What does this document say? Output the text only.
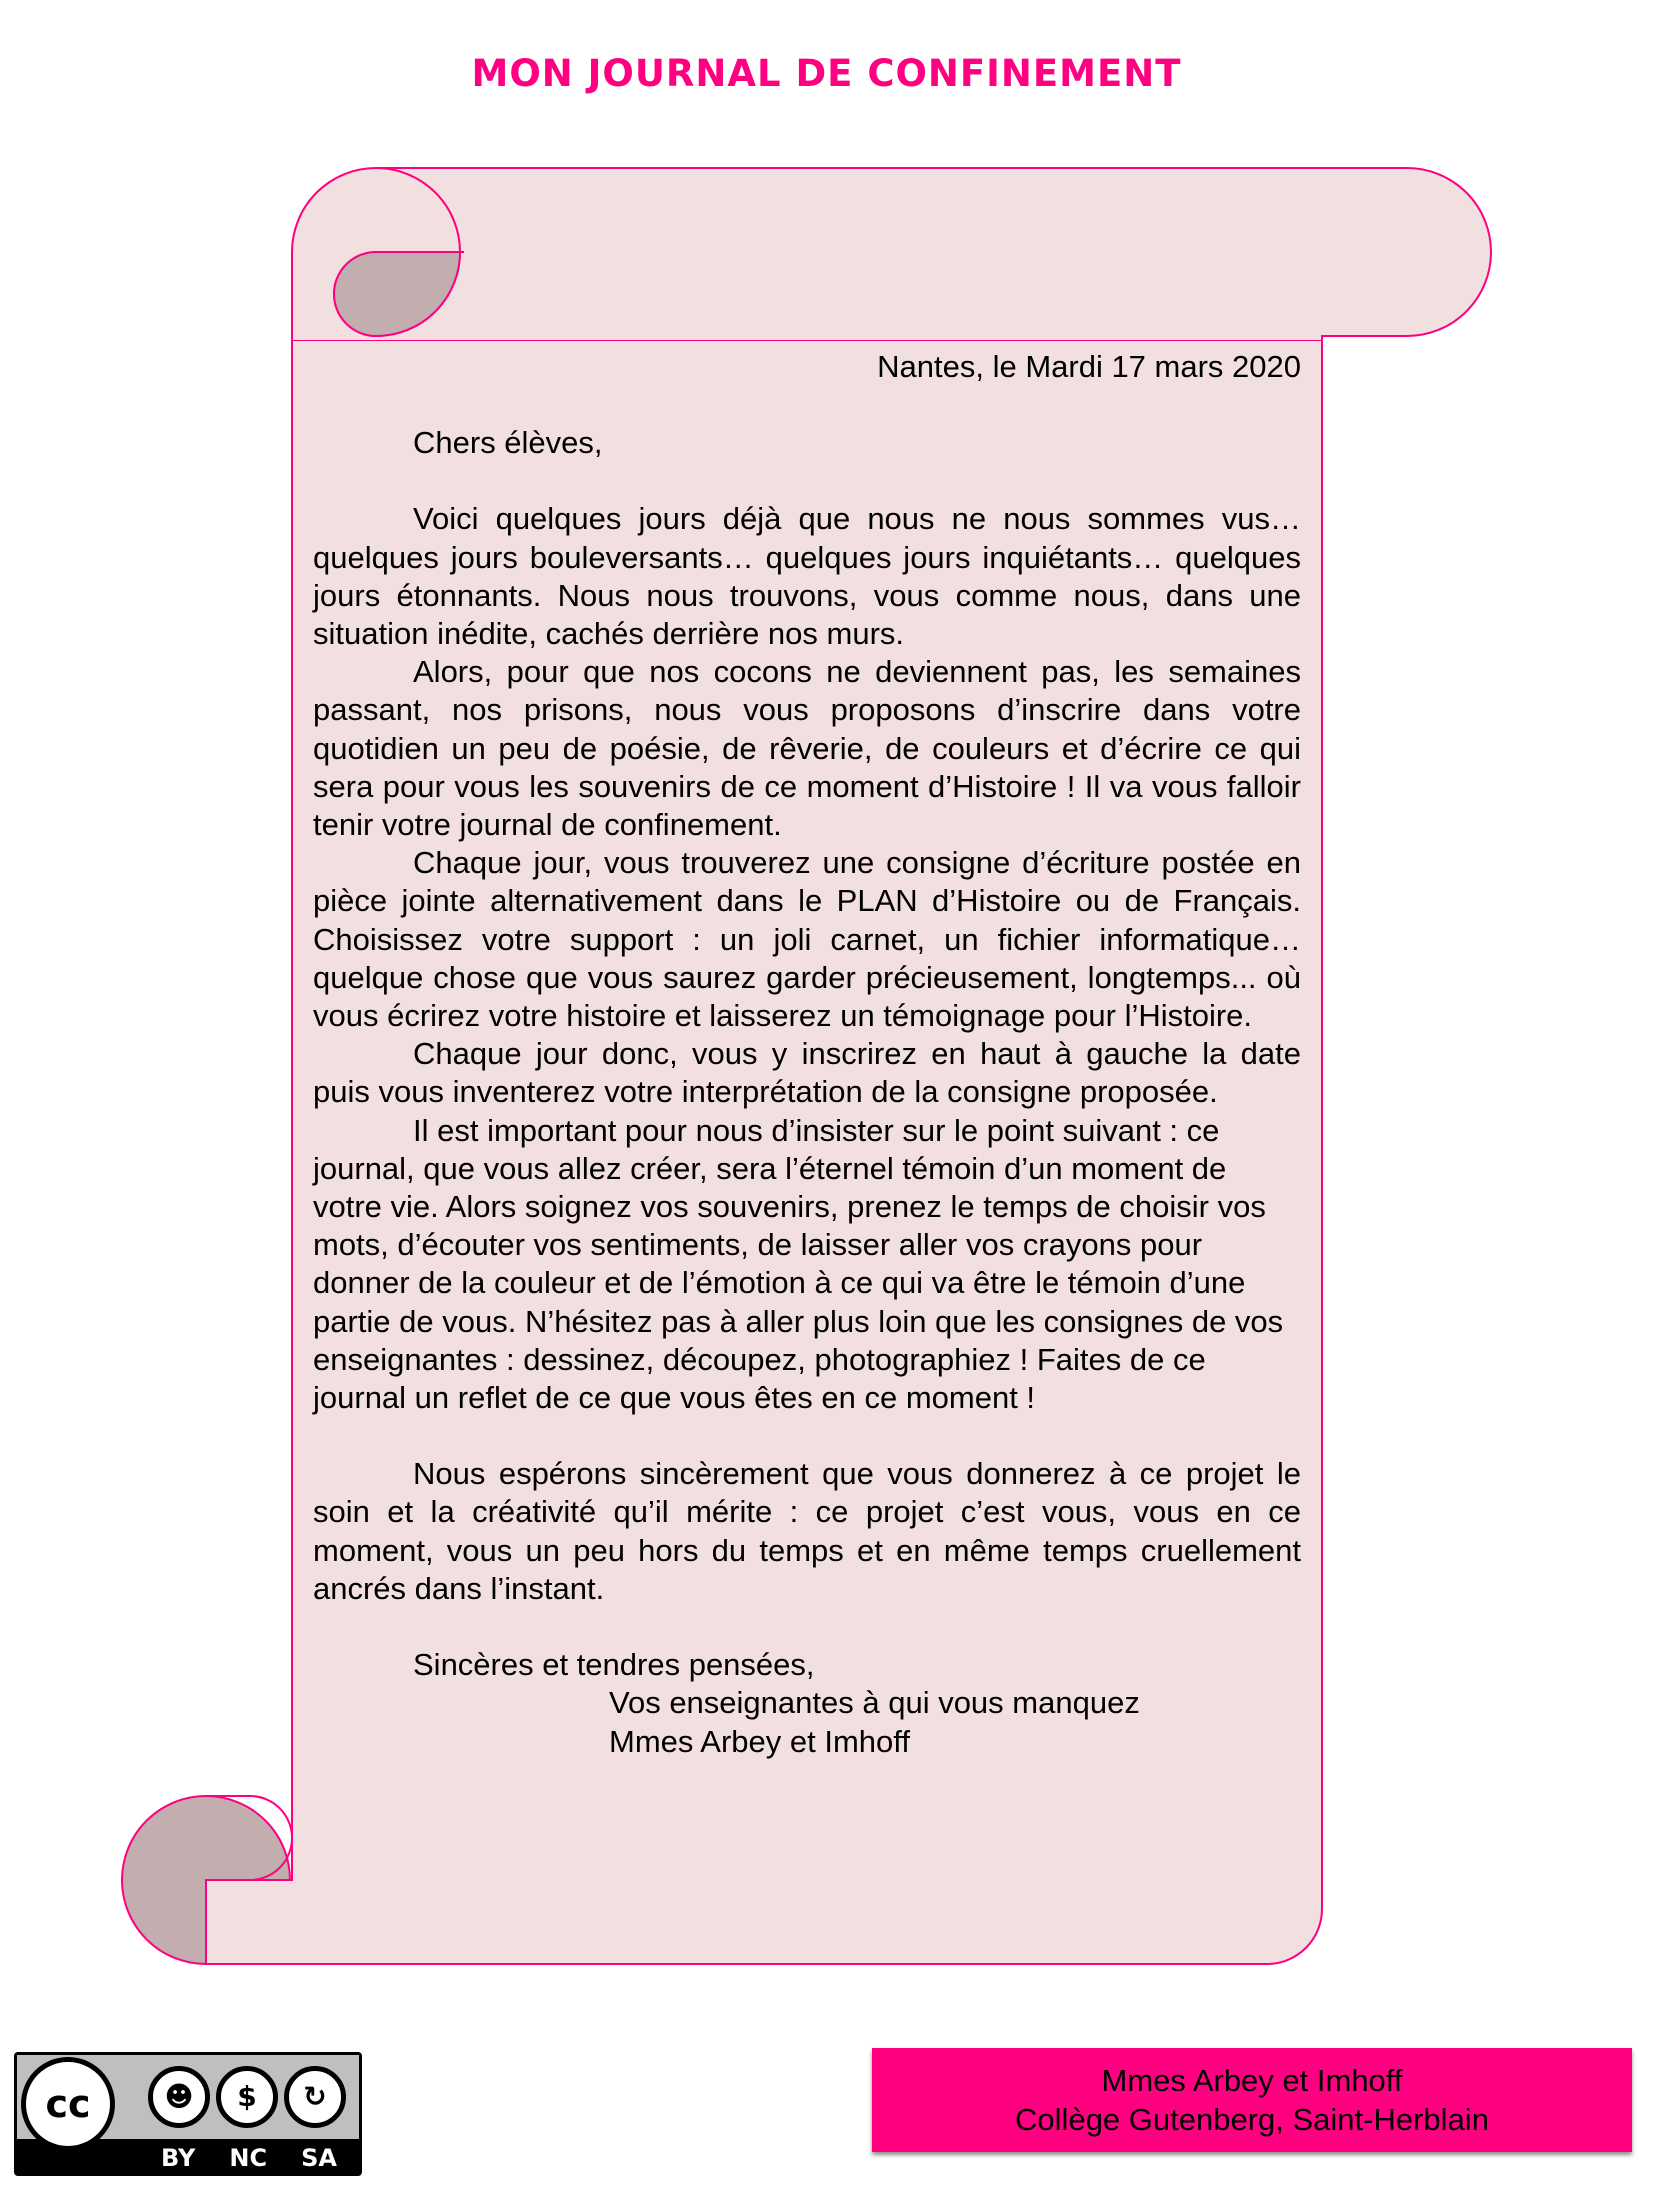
MON JOURNAL DE CONFINEMENT

Nantes, le Mardi 17 mars 2020

Chers élèves,

Voici quelques jours déjà que nous ne nous sommes vus… quelques jours bouleversants… quelques jours inquiétants… quelques jours étonnants. Nous nous trouvons, vous comme nous, dans une situation inédite, cachés derrière nos murs.

Alors, pour que nos cocons ne deviennent pas, les semaines passant, nos prisons, nous vous proposons d’inscrire dans votre quotidien un peu de poésie, de rêverie, de couleurs et d’écrire ce qui sera pour vous les souvenirs de ce moment d’Histoire ! Il va vous falloir tenir votre journal de confinement.

Chaque jour, vous trouverez une consigne d’écriture postée en pièce jointe alternativement dans le PLAN d’Histoire ou de Français. Choisissez votre support : un joli carnet, un fichier informatique… quelque chose que vous saurez garder précieusement, longtemps... où vous écrirez votre histoire et laisserez un témoignage pour l’Histoire.

Chaque jour donc, vous y inscrirez en haut à gauche la date puis vous inventerez votre interprétation de la consigne proposée.

Il est important pour nous d’insister sur le point suivant : ce journal, que vous allez créer, sera l’éternel témoin d’un moment de votre vie. Alors soignez vos souvenirs, prenez le temps de choisir vos mots, d’écouter vos sentiments, de laisser aller vos crayons pour donner de la couleur et de l’émotion à ce qui va être le témoin d’une partie de vous. N’hésitez pas à aller plus loin que les consignes de vos enseignantes : dessinez, découpez, photographiez ! Faites de ce journal un reflet de ce que vous êtes en ce moment !

Nous espérons sincèrement que vous donnerez à ce projet le soin et la créativité qu’il mérite : ce projet c’est vous, vous en ce moment, vous un peu hors du temps et en même temps cruellement ancrés dans l’instant.

Sincères et tendres pensées,

Vos enseignantes à qui vous manquez

Mmes Arbey et Imhoff

cc	☻	$	↻
BY NC SA
Mmes Arbey et Imhoff
Collège Gutenberg, Saint-Herblain
